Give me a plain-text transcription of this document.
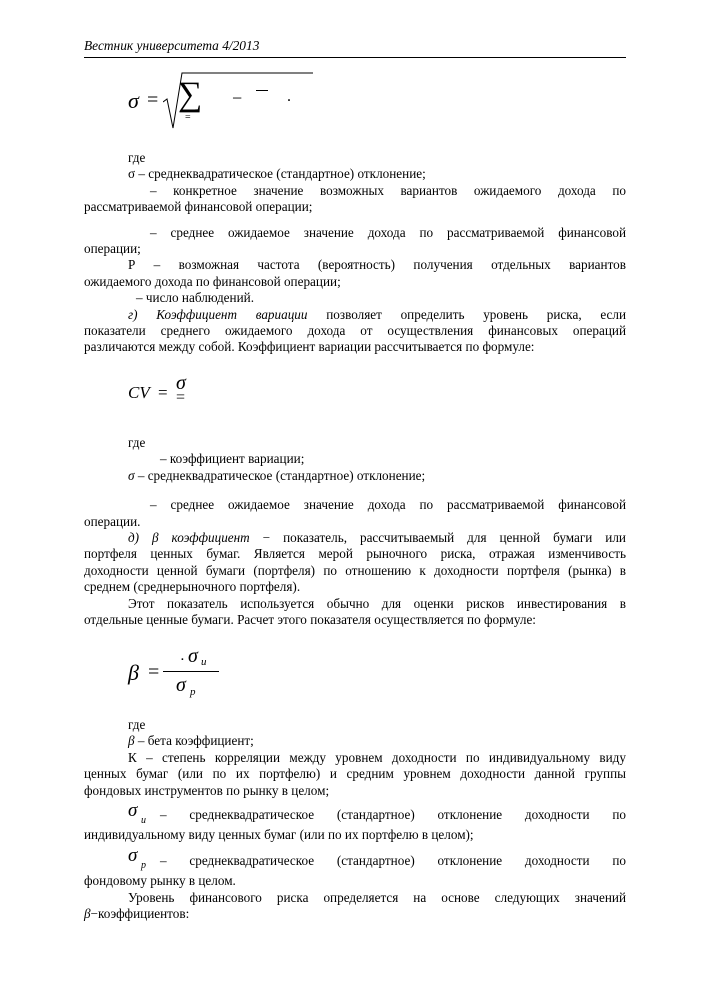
Вестник университета 4/2013
σ = ∑
=
−	.
где
σ – среднеквадратическое (стандартное) отклонение;
– конкретное значение возможных вариантов ожидаемого дохода по
рассматриваемой финансовой операции;
– среднее ожидаемое значение дохода по рассматриваемой финансовой
операции;
Р – возможная частота (вероятность) получения отдельных вариантов
ожидаемого дохода по финансовой операции;
– число наблюдений.
г) Коэффициент вариации позволяет определить уровень риска, если
показатели среднего ожидаемого дохода от осуществления финансовых операций
различаются между собой. Коэффициент вариации рассчитывается по формуле:
CV = σ
=
где
– коэффициент вариации;
σ – среднеквадратическое (стандартное) отклонение;
– среднее ожидаемое значение дохода по рассматриваемой финансовой
операции.
д) β коэффициент − показатель, рассчитываемый для ценной бумаги или
портфеля ценных бумаг. Является мерой рыночного риска, отражая изменчивость
доходности ценной бумаги (портфеля) по отношению к доходности портфеля (рынка) в
среднем (среднерыночного портфеля).
Этот показатель используется обычно для оценки рисков инвестирования в
отдельные ценные бумаги. Расчет этого показателя осуществляется по формуле:
β =
⋅ σ и
σ p
где
β – бета коэффициент;
К – степень корреляции между уровнем доходности по индивидуальному виду
ценных бумаг (или по их портфелю) и средним уровнем доходности данной группы
фондовых инструментов по рынку в целом;
σ и – среднеквадратическое (стандартное) отклонение доходности по
индивидуальному виду ценных бумаг (или по их портфелю в целом);
σ p – среднеквадратическое (стандартное) отклонение доходности по
фондовому рынку в целом.
Уровень финансового риска определяется на основе следующих значений
β−коэффициентов:
